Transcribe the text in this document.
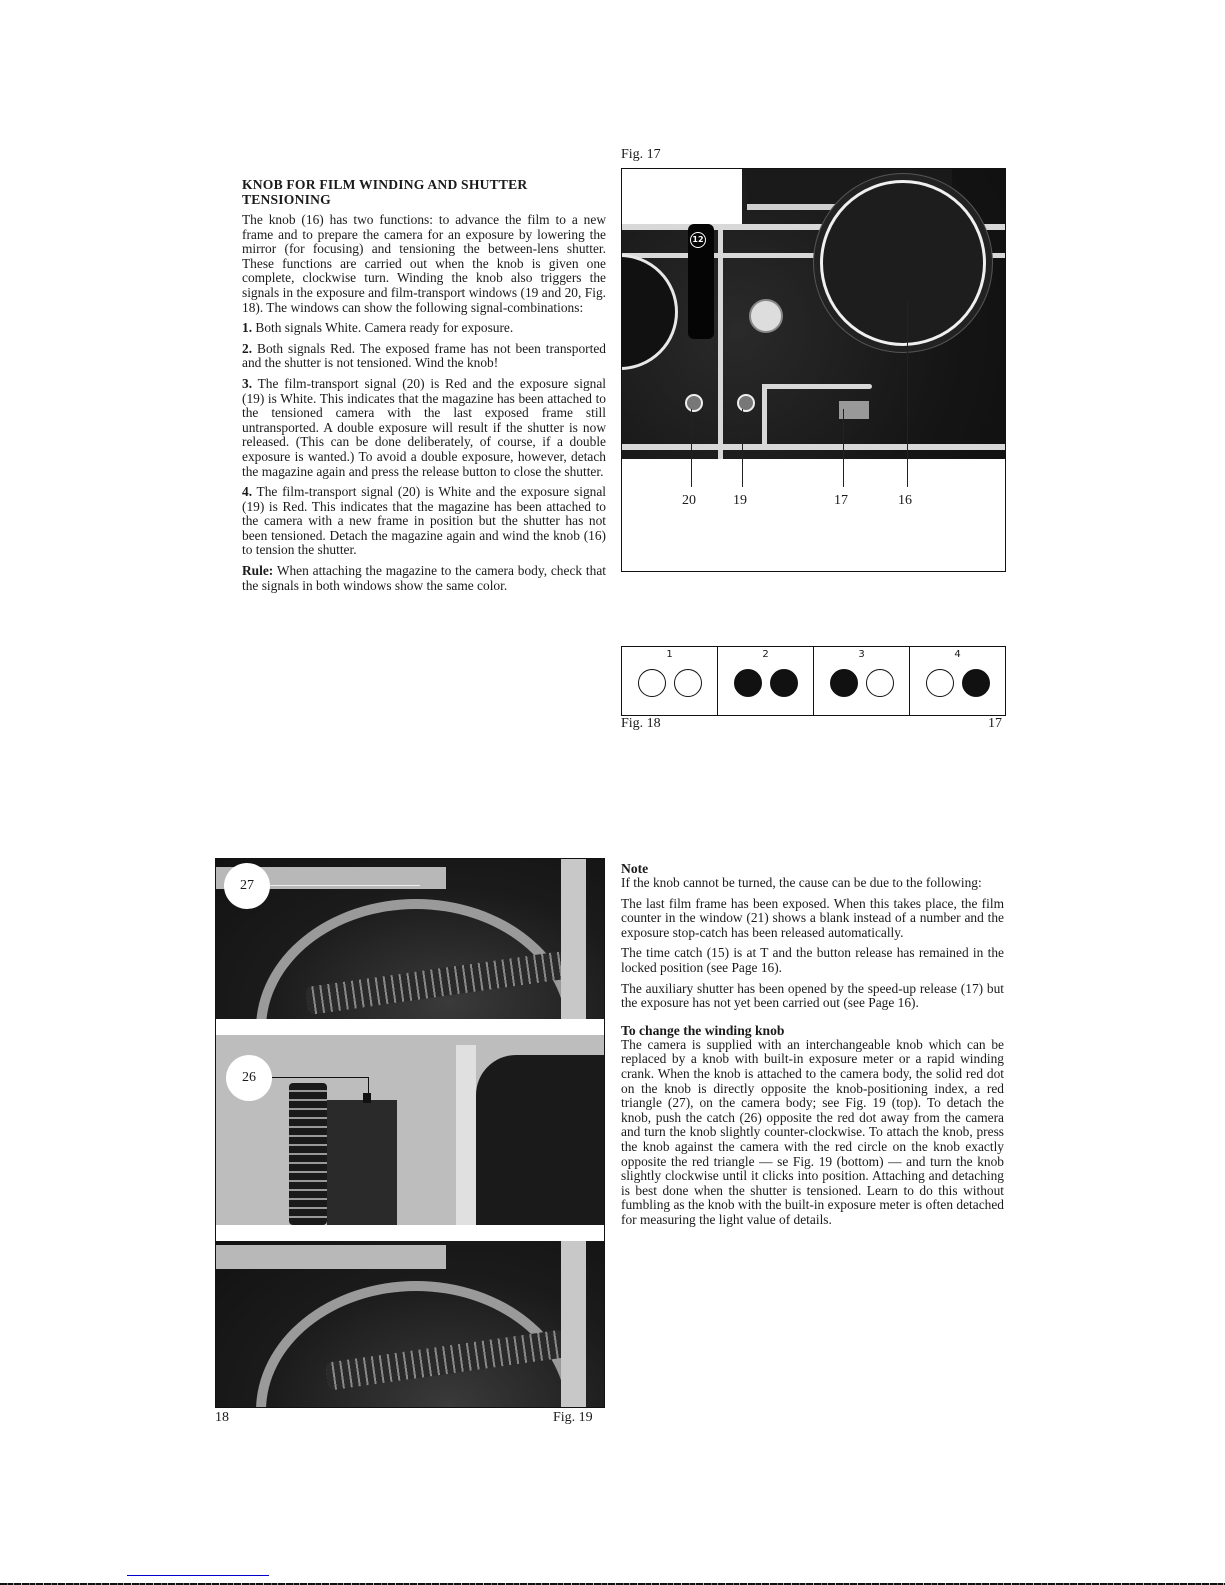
KNOB FOR FILM WINDING AND SHUTTER TENSIONING

The knob (16) has two functions: to advance the film to a new frame and to prepare the camera for an exposure by lowering the mirror (for focusing) and tensioning the between-lens shutter. These functions are carried out when the knob is given one complete, clockwise turn. Winding the knob also triggers the signals in the exposure and film-transport windows (19 and 20, Fig. 18). The windows can show the following signal-combinations:

1. Both signals White. Camera ready for exposure.

2. Both signals Red. The exposed frame has not been transported and the shutter is not tensioned. Wind the knob!

3. The film-transport signal (20) is Red and the exposure signal (19) is White. This indicates that the magazine has been attached to the tensioned camera with the last exposed frame still untransported. A double exposure will result if the shutter is now released. (This can be done deliberately, of course, if a double exposure is wanted.) To avoid a double exposure, however, detach the magazine again and press the release button to close the shutter.

4. The film-transport signal (20) is White and the exposure signal (19) is Red. This indicates that the magazine has been attached to the camera with a new frame in position but the shutter has not been tensioned. Detach the magazine again and wind the knob (16) to tension the shutter.

Rule: When attaching the magazine to the camera body, check that the signals in both windows show the same color.

Fig. 17
12
20	19	17	16
1	2	3	4
Fig. 18	17
27
26
18	Fig. 19

Note

If the knob cannot be turned, the cause can be due to the following:

The last film frame has been exposed. When this takes place, the film counter in the window (21) shows a blank instead of a number and the exposure stop-catch has been released automatically.

The time catch (15) is at T and the button release has remained in the locked position (see Page 16).

The auxiliary shutter has been opened by the speed-up release (17) but the exposure has not yet been carried out (see Page 16).

To change the winding knob

The camera is supplied with an interchangeable knob which can be replaced by a knob with built-in exposure meter or a rapid winding crank. When the knob is attached to the camera body, the solid red dot on the knob is directly opposite the knob-positioning index, a red triangle (27), on the camera body; see Fig. 19 (top). To detach the knob, push the catch (26) opposite the red dot away from the camera and turn the knob slightly counter-clockwise. To attach the knob, press the knob against the camera with the red circle on the knob exactly opposite the red triangle — se Fig. 19 (bottom) — and turn the knob slightly clockwise until it clicks into position. Attaching and detaching is best done when the shutter is tensioned. Learn to do this without fumbling as the knob with the built-in exposure meter is often detached for measuring the light value of details.
